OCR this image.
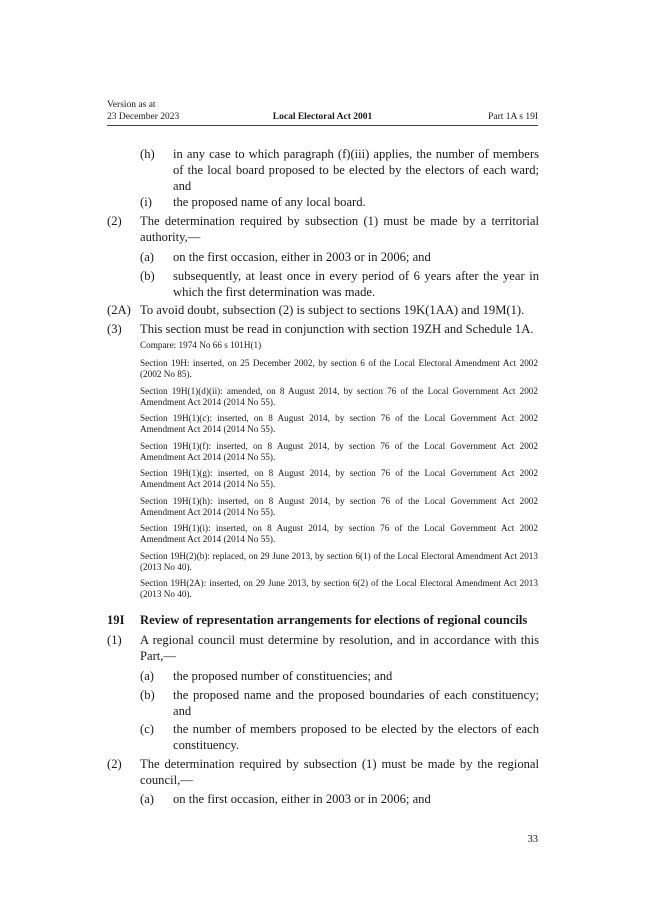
Version as at
23 December 2023	Local Electoral Act 2001	Part 1A s 19I
(h) in any case to which paragraph (f)(iii) applies, the number of members of the local board proposed to be elected by the electors of each ward; and
(i) the proposed name of any local board.
(2) The determination required by subsection (1) must be made by a territorial authority,—
(a) on the first occasion, either in 2003 or in 2006; and
(b) subsequently, at least once in every period of 6 years after the year in which the first determination was made.
(2A) To avoid doubt, subsection (2) is subject to sections 19K(1AA) and 19M(1).
(3) This section must be read in conjunction with section 19ZH and Schedule 1A.
Compare: 1974 No 66 s 101H(1)
Section 19H: inserted, on 25 December 2002, by section 6 of the Local Electoral Amendment Act 2002 (2002 No 85).
Section 19H(1)(d)(ii): amended, on 8 August 2014, by section 76 of the Local Government Act 2002 Amendment Act 2014 (2014 No 55).
Section 19H(1)(c): inserted, on 8 August 2014, by section 76 of the Local Government Act 2002 Amendment Act 2014 (2014 No 55).
Section 19H(1)(f): inserted, on 8 August 2014, by section 76 of the Local Government Act 2002 Amendment Act 2014 (2014 No 55).
Section 19H(1)(g): inserted, on 8 August 2014, by section 76 of the Local Government Act 2002 Amendment Act 2014 (2014 No 55).
Section 19H(1)(h): inserted, on 8 August 2014, by section 76 of the Local Government Act 2002 Amendment Act 2014 (2014 No 55).
Section 19H(1)(i): inserted, on 8 August 2014, by section 76 of the Local Government Act 2002 Amendment Act 2014 (2014 No 55).
Section 19H(2)(b): replaced, on 29 June 2013, by section 6(1) of the Local Electoral Amendment Act 2013 (2013 No 40).
Section 19H(2A): inserted, on 29 June 2013, by section 6(2) of the Local Electoral Amendment Act 2013 (2013 No 40).
19I Review of representation arrangements for elections of regional councils
(1) A regional council must determine by resolution, and in accordance with this Part,—
(a) the proposed number of constituencies; and
(b) the proposed name and the proposed boundaries of each constituency; and
(c) the number of members proposed to be elected by the electors of each constituency.
(2) The determination required by subsection (1) must be made by the regional council,—
(a) on the first occasion, either in 2003 or in 2006; and
33
